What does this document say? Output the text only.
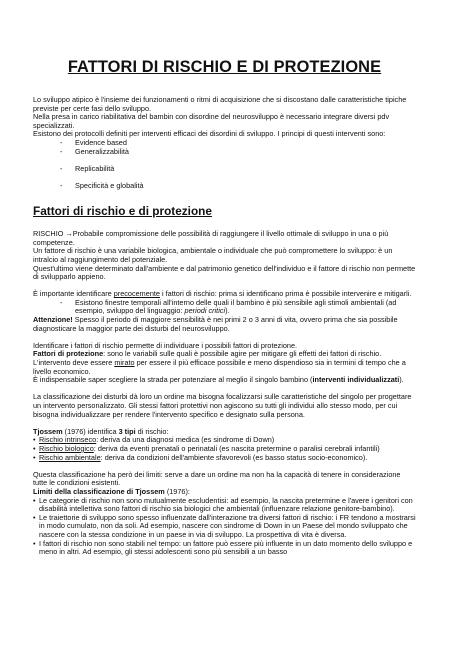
FATTORI DI RISCHIO E DI PROTEZIONE

Lo sviluppo atipico è l'insieme dei funzionamenti o ritmi di acquisizione che si discostano dalle caratteristiche tipiche previste per certe fasi dello sviluppo.

Nella presa in carico riabilitativa del bambin con disordine del neurosviluppo è necessario integrare diversi pdv specializzati.

Esistono dei protocolli definiti per interventi efficaci dei disordini di sviluppo. I principi di questi interventi sono:

- Evidence based
- Generalizzabilità
- Replicabilità
- Specificità e globalità
Fattori di rischio e di protezione

RISCHIO →Probabile compromissione delle possibilità di raggiungere il livello ottimale di sviluppo in una o più competenze.

Un fattore di rischio è una variabile biologica, ambientale o individuale che può compromettere lo sviluppo: è un intralcio al raggiungimento del potenziale.

Quest'ultimo viene determinato dall'ambiente e dal patrimonio genetico dell'individuo e il fattore di rischio non permette di svilupparlo appieno.

È importante identificare precocemente i fattori di rischio: prima si identificano prima è possibile intervenire e mitigarli.

- Esistono finestre temporali all'interno delle quali il bambino è più sensibile agli stimoli ambientali (ad esempio, sviluppo del linguaggio: periodi critici).

Attenzione! Spesso il periodo di maggiore sensibilità è nei primi 2 o 3 anni di vita, ovvero prima che sia possibile diagnosticare la maggior parte dei disturbi del neurosviluppo.

Identificare i fattori di rischio permette di individuare i possibili fattori di protezione.

Fattori di protezione: sono le variabili sulle quali è possibile agire per mitigare gli effetti dei fattori di rischio.

L'intervento deve essere mirato per essere il più efficace possibile e meno dispendioso sia in termini di tempo che a livello economico.

È indispensabile saper scegliere la strada per potenziare al meglio il singolo bambino (interventi individualizzati).

La classificazione dei disturbi dà loro un ordine ma bisogna focalizzarsi sulle caratteristiche del singolo per progettare un intervento personalizzato. Gli stessi fattori protettivi non agiscono su tutti gli individui allo stesso modo, per cui bisogna individualizzare per rendere l'intervento specifico e designato sulla persona.

Tjossem (1976) identifica 3 tipi di rischio:

• Rischio intrinseco: deriva da una diagnosi medica (es sindrome di Down)

• Rischio biologico: deriva da eventi prenatali o perinatali (es nascita pretermine o paralisi cerebrali infantili)

• Rischio ambientale: deriva da condizioni dell'ambiente sfavorevoli (es basso status socio-economico).

Questa classificazione ha però dei limiti: serve a dare un ordine ma non ha la capacità di tenere in considerazione tutte le condizioni esistenti.

Limiti della classificazione di Tjossem (1976):

• Le categorie di rischio non sono mutualmente escludentisi: ad esempio, la nascita pretermine e l'avere i genitori con disabilità intellettiva sono fattori di rischio sia biologici che ambientali (influenzare relazione genitore-bambino).

• Le traiettorie di sviluppo sono spesso influenzate dall'interazione tra diversi fattori di rischio: i FR tendono a mostrarsi in modo cumulato, non da soli. Ad esempio, nascere con sindrome di Down in un Paese del mondo sviluppato che nascere con la stessa condizione in un paese in via di sviluppo. La prospettiva di vita è diversa.

• I fattori di rischio non sono stabili nel tempo: un fattore può essere più influente in un dato momento dello sviluppo e meno in altri. Ad esempio, gli stessi adolescenti sono più sensibili a un basso
